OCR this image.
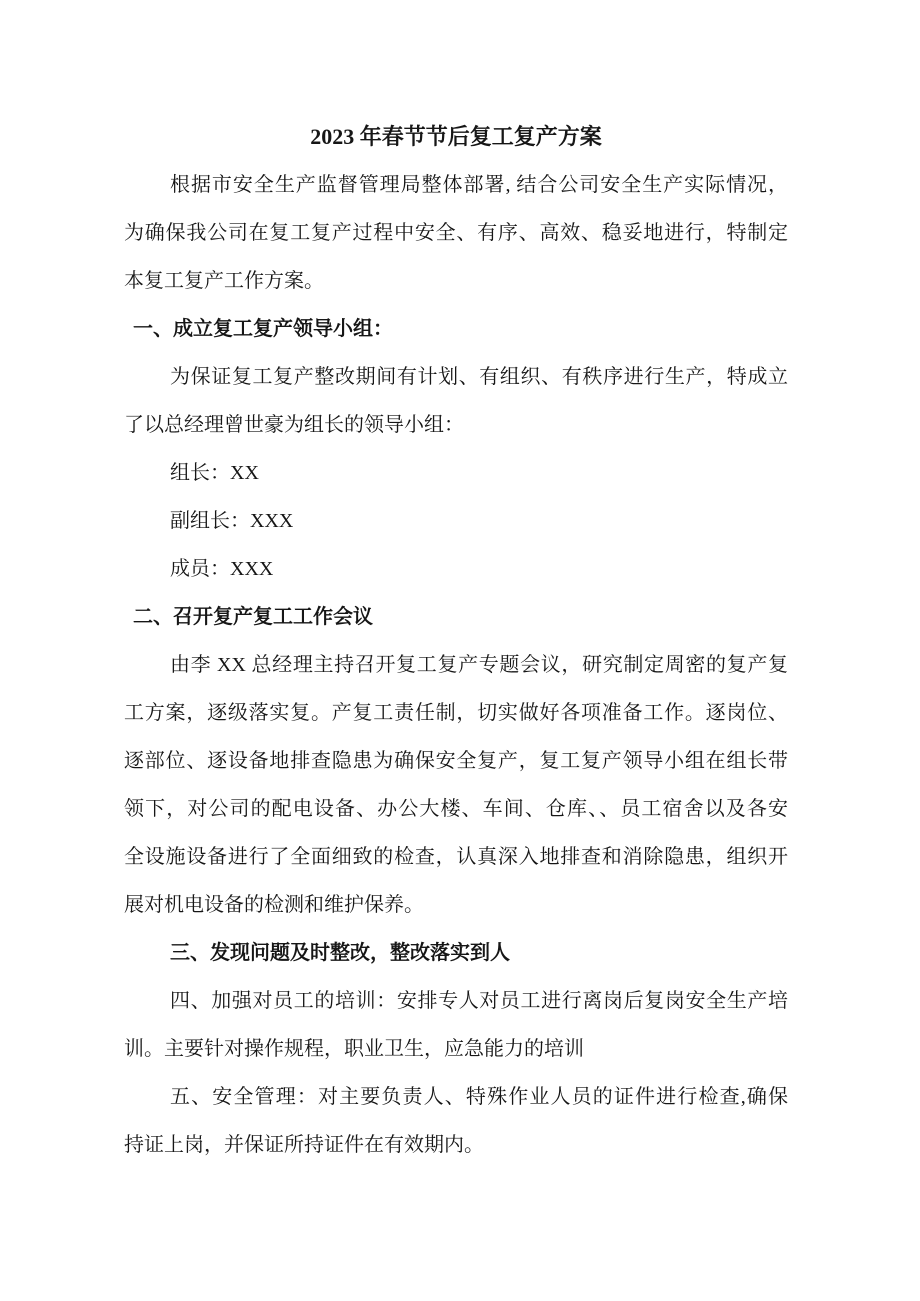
2023 年春节节后复工复产方案
根据市安全生产监督管理局整体部署, 结合公司安全生产实际情况，
为确保我公司在复工复产过程中安全、有序、高效、稳妥地进行，特制定
本复工复产工作方案。
一、成立复工复产领导小组：
为保证复工复产整改期间有计划、有组织、有秩序进行生产，特成立
了以总经理曾世豪为组长的领导小组：
组长：XX
副组长：XXX
成员：XXX
二、召开复产复工工作会议
由李 XX 总经理主持召开复工复产专题会议，研究制定周密的复产复
工方案，逐级落实复。产复工责任制，切实做好各项准备工作。逐岗位、
逐部位、逐设备地排查隐患为确保安全复产，复工复产领导小组在组长带
领下，对公司的配电设备、办公大楼、车间、仓库、、员工宿舍以及各安
全设施设备进行了全面细致的检查，认真深入地排查和消除隐患，组织开
展对机电设备的检测和维护保养。
三、发现问题及时整改，整改落实到人
四、加强对员工的培训：安排专人对员工进行离岗后复岗安全生产培
训。主要针对操作规程，职业卫生，应急能力的培训
五、安全管理：对主要负责人、特殊作业人员的证件进行检查,确保
持证上岗，并保证所持证件在有效期内。
